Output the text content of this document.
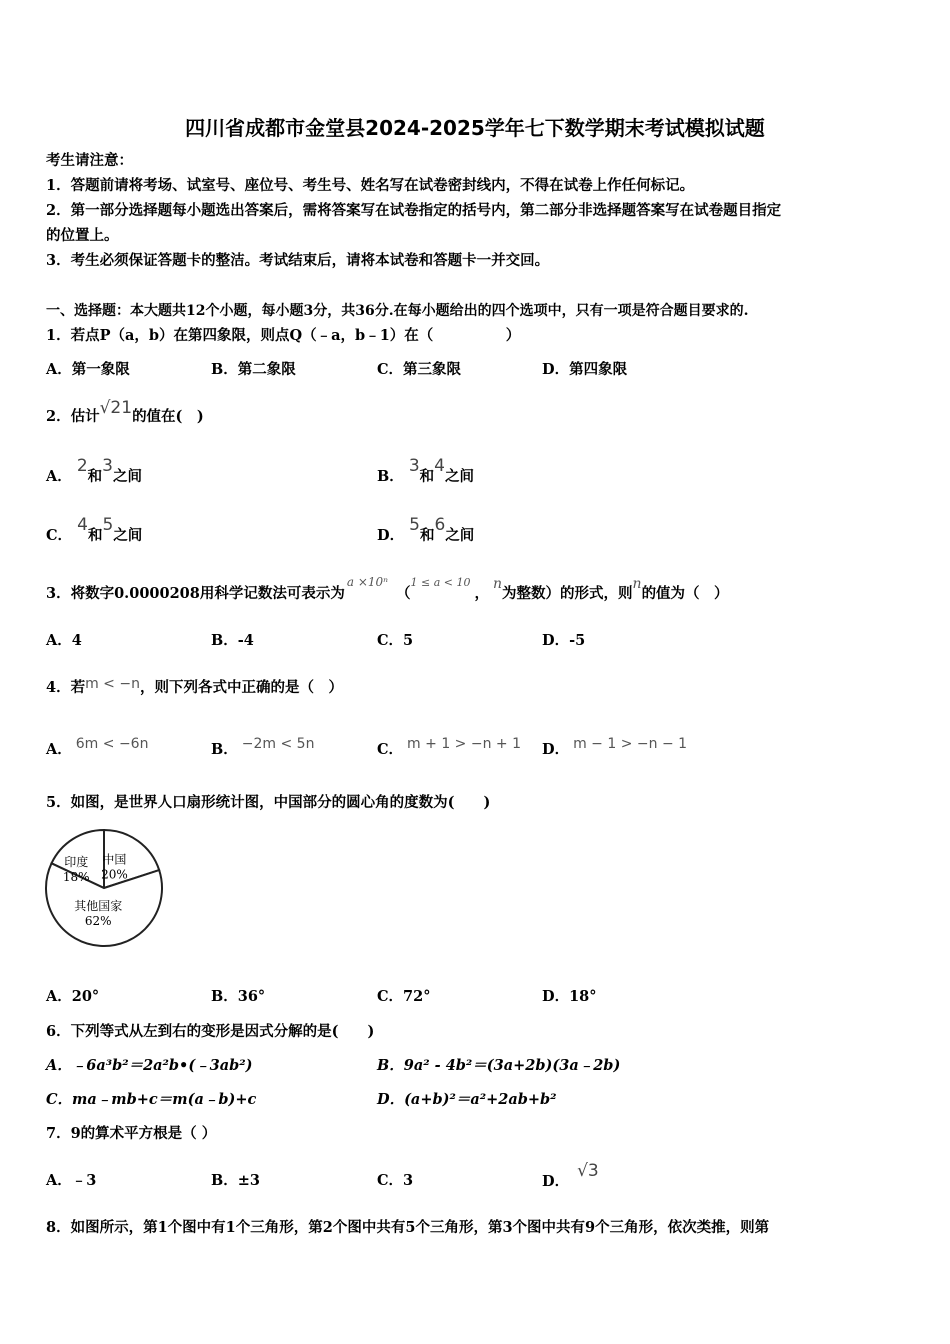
四川省成都市金堂县2024-2025学年七下数学期末考试模拟试题
考生请注意：
1．答题前请将考场、试室号、座位号、考生号、姓名写在试卷密封线内，不得在试卷上作任何标记。
2．第一部分选择题每小题选出答案后，需将答案写在试卷指定的括号内，第二部分非选择题答案写在试卷题目指定
的位置上。
3．考生必须保证答题卡的整洁。考试结束后，请将本试卷和答题卡一并交回。
一、选择题：本大题共12个小题，每小题3分，共36分.在每小题给出的四个选项中，只有一项是符合题目要求的.
1．若点P（a，b）在第四象限，则点Q（﹣a，b﹣1）在（　　　　　）
A．第一象限	B．第二象限	C．第三象限	D．第四象限
2．估计√21的值在(　)
A． 2和3之间	B． 3和4之间
C． 4和5之间	D． 5和6之间
3．将数字0.0000208用科学记数法可表示为$^{a \times 10^n}$（$^{1 \le a < 10}$，n为整数）的形式，则n的值为（　）
A．4	B．-4	C．5	D．-5
4．若m < −n，则下列各式中正确的是（　）
A． 6m < −6n	B． −2m < 5n	C． m + 1 > −n + 1 D． m − 1 > −n − 1
5．如图，是世界人口扇形统计图，中国部分的圆心角的度数为(　　)
印度
18%
中国
20%
其他国家
62%
A．20°	B．36°	C．72°	D．18°
6．下列等式从左到右的变形是因式分解的是(　　)
A．﹣6a³b²＝2a²b•(﹣3ab²)	B．9a² - 4b²＝(3a+2b)(3a﹣2b)
C．ma﹣mb+c＝m(a﹣b)+c	D．(a+b)²＝a²+2ab+b²
7．9的算术平方根是（ ）
A．﹣3	B．±3	C．3	D．√3
8．如图所示，第1个图中有1个三角形，第2个图中共有5个三角形，第3个图中共有9个三角形，依次类推，则第
